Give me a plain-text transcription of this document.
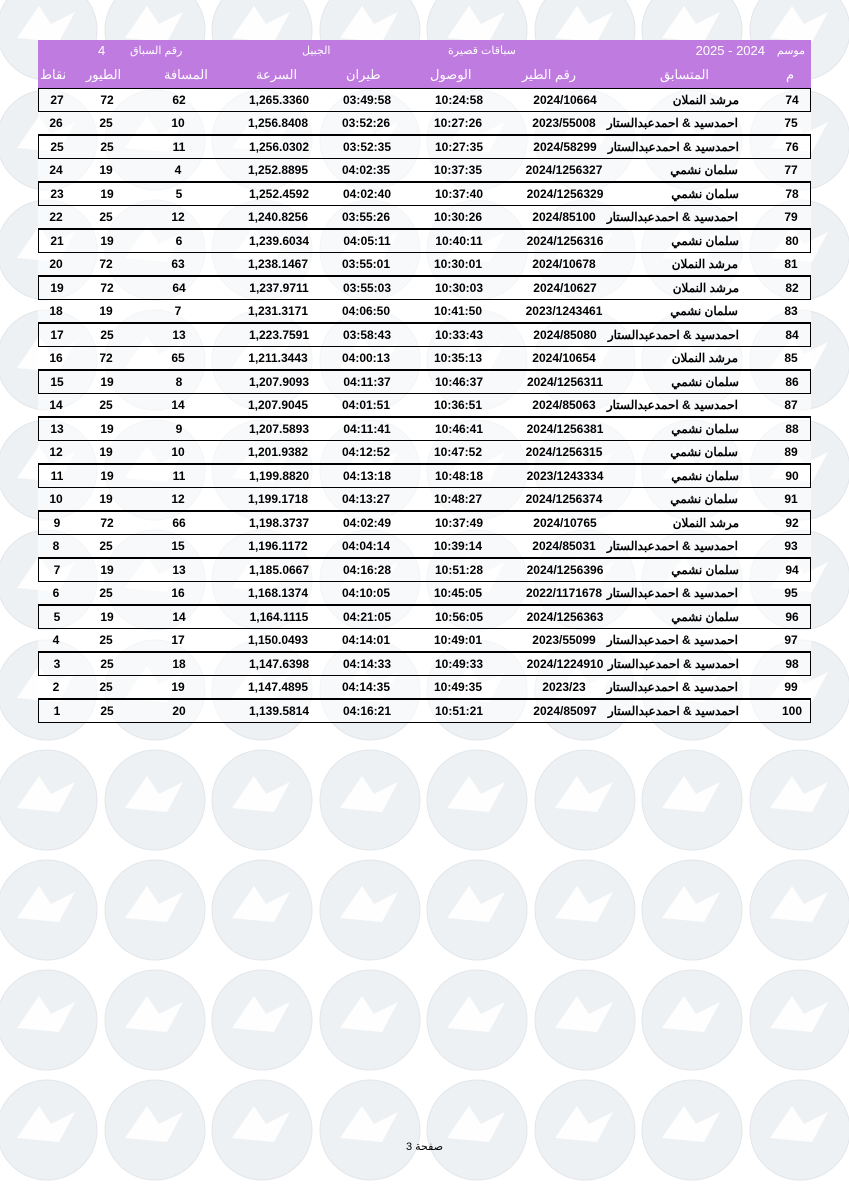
موسم
2025 - 2024
سباقات قصيرة
الجبيل
رقم السباق
4
نقاط الطيور	المسافة	السرعة	طيران	الوصول	رقم الطير	المتسابق	م
27	72	62	1,265.3360	03:49:58	10:24:58	2024/10664	مرشد النملان	74
26	25	10	1,256.8408	03:52:26	10:27:26	2023/55008 احمدسيد & احمدعبدالستار	75
25	25	11	1,256.0302	03:52:35	10:27:35	2024/58299 احمدسيد & احمدعبدالستار	76
24	19	4	1,252.8895	04:02:35	10:37:35	2024/1256327	سلمان نشمي	77
23	19	5	1,252.4592	04:02:40	10:37:40	2024/1256329	سلمان نشمي	78
22	25	12	1,240.8256	03:55:26	10:30:26	2024/85100 احمدسيد & احمدعبدالستار	79
21	19	6	1,239.6034	04:05:11	10:40:11	2024/1256316	سلمان نشمي	80
20	72	63	1,238.1467	03:55:01	10:30:01	2024/10678	مرشد النملان	81
19	72	64	1,237.9711	03:55:03	10:30:03	2024/10627	مرشد النملان	82
18	19	7	1,231.3171	04:06:50	10:41:50	2023/1243461	سلمان نشمي	83
17	25	13	1,223.7591	03:58:43	10:33:43	2024/85080 احمدسيد & احمدعبدالستار	84
16	72	65	1,211.3443	04:00:13	10:35:13	2024/10654	مرشد النملان	85
15	19	8	1,207.9093	04:11:37	10:46:37	2024/1256311	سلمان نشمي	86
14	25	14	1,207.9045	04:01:51	10:36:51	2024/85063 احمدسيد & احمدعبدالستار	87
13	19	9	1,207.5893	04:11:41	10:46:41	2024/1256381	سلمان نشمي	88
12	19	10	1,201.9382	04:12:52	10:47:52	2024/1256315	سلمان نشمي	89
11	19	11	1,199.8820	04:13:18	10:48:18	2023/1243334	سلمان نشمي	90
10	19	12	1,199.1718	04:13:27	10:48:27	2024/1256374	سلمان نشمي	91
9	72	66	1,198.3737	04:02:49	10:37:49	2024/10765	مرشد النملان	92
8	25	15	1,196.1172	04:04:14	10:39:14	2024/85031 احمدسيد & احمدعبدالستار	93
7	19	13	1,185.0667	04:16:28	10:51:28	2024/1256396	سلمان نشمي	94
6	25	16	1,168.1374	04:10:05	10:45:05	2022/1171678 احمدسيد & احمدعبدالستار	95
5	19	14	1,164.1115	04:21:05	10:56:05	2024/1256363	سلمان نشمي	96
4	25	17	1,150.0493	04:14:01	10:49:01	2023/55099 احمدسيد & احمدعبدالستار	97
3	25	18	1,147.6398	04:14:33	10:49:33	2024/1224910 احمدسيد & احمدعبدالستار	98
2	25	19	1,147.4895	04:14:35	10:49:35	2023/23	احمدسيد & احمدعبدالستار	99
1	25	20	1,139.5814	04:16:21	10:51:21	2024/85097 احمدسيد & احمدعبدالستار	100
صفحة 3
